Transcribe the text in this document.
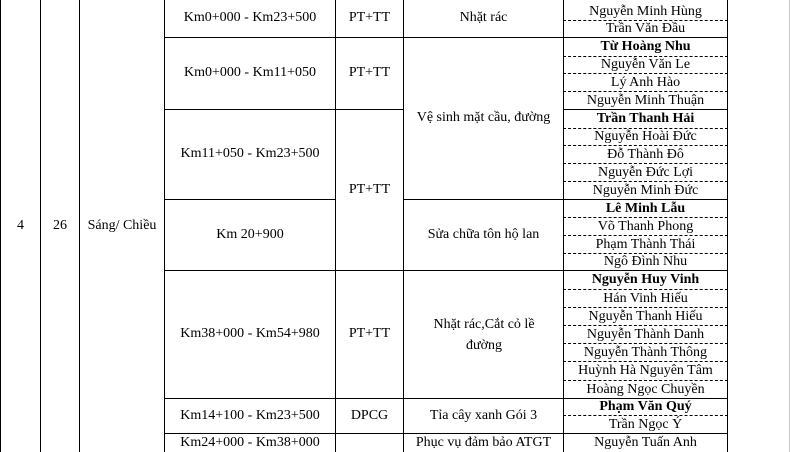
4	26	Sáng/ Chiều
Km0+000 - Km23+500
Km0+000 - Km11+050
Km11+050 - Km23+500
Km 20+900
Km38+000 - Km54+980
Km14+100 - Km23+500
Km24+000 - Km38+000
PT+TT
PT+TT
PT+TT
PT+TT
DPCG
Nhặt rác
Vệ sinh mặt cầu, đường
Sửa chữa tôn hộ lan
Nhặt rác,Cắt cỏ lề đường
Tỉa cây xanh Gói 3
Phục vụ đảm bảo ATGT
Nguyễn Minh Hùng
Trần Văn Đầu
Từ Hoàng Nhu
Nguyễn Văn Le
Lý Anh Hào
Nguyễn Minh Thuận
Trần Thanh Hải
Nguyễn Hoài Đức
Đỗ Thành Đô
Nguyễn Đức Lợi
Nguyễn Minh Đức
Lê Minh Lẫu
Võ Thanh Phong
Phạm Thành Thái
Ngô Đình Nhu
Nguyễn Huy Vinh
Hán Vinh Hiếu
Nguyễn Thanh Hiếu
Nguyễn Thành Danh
Nguyễn Thành Thông
Huỳnh Hà Nguyên Tâm
Hoàng Ngọc Chuyền
Phạm Văn Quý
Trần Ngọc Ý
Nguyễn Tuấn Anh
